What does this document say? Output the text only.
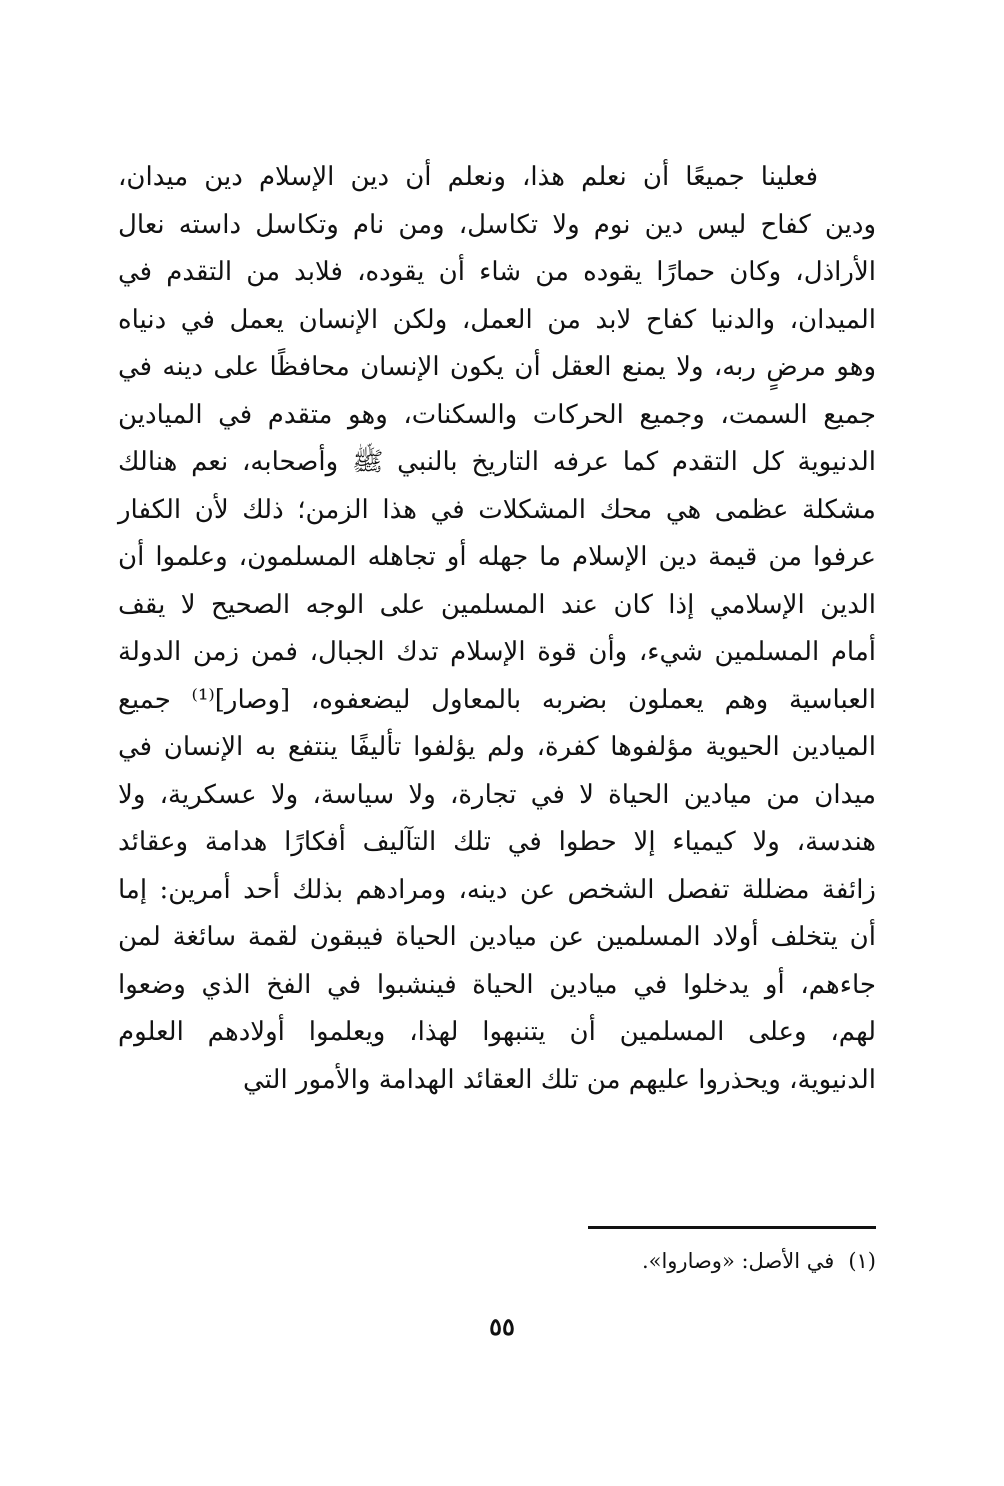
فعلينا جميعًا أن نعلم هذا، ونعلم أن دين الإسلام دين ميدان،
ودين كفاح ليس دين نوم ولا تكاسل، ومن نام وتكاسل داسته نعال
الأراذل، وكان حمارًا يقوده من شاء أن يقوده، فلابد من التقدم في
الميدان، والدنيا كفاح لابد من العمل، ولكن الإنسان يعمل في دنياه
وهو مرضٍ ربه، ولا يمنع العقل أن يكون الإنسان محافظًا على دينه في
جميع السمت، وجميع الحركات والسكنات، وهو متقدم في الميادين
الدنيوية كل التقدم كما عرفه التاريخ بالنبي ﷺ وأصحابه، نعم هنالك
مشكلة عظمى هي محك المشكلات في هذا الزمن؛ ذلك لأن الكفار
عرفوا من قيمة دين الإسلام ما جهله أو تجاهله المسلمون، وعلموا أن
الدين الإسلامي إذا كان عند المسلمين على الوجه الصحيح لا يقف
أمام المسلمين شيء، وأن قوة الإسلام تدك الجبال، فمن زمن الدولة
العباسية وهم يعملون بضربه بالمعاول ليضعفوه، [وصار]⁽¹⁾ جميع
الميادين الحيوية مؤلفوها كفرة، ولم يؤلفوا تأليفًا ينتفع به الإنسان في
ميدان من ميادين الحياة لا في تجارة، ولا سياسة، ولا عسكرية، ولا
هندسة، ولا كيمياء إلا حطوا في تلك التآليف أفكارًا هدامة وعقائد
زائفة مضللة تفصل الشخص عن دينه، ومرادهم بذلك أحد أمرين: إما
أن يتخلف أولاد المسلمين عن ميادين الحياة فيبقون لقمة سائغة لمن
جاءهم، أو يدخلوا في ميادين الحياة فينشبوا في الفخ الذي وضعوا
لهم، وعلى المسلمين أن يتنبهوا لهذا، ويعلموا أولادهم العلوم
الدنيوية، ويحذروا عليهم من تلك العقائد الهدامة والأمور التي
(١)في الأصل: «وصاروا».
٥٥
